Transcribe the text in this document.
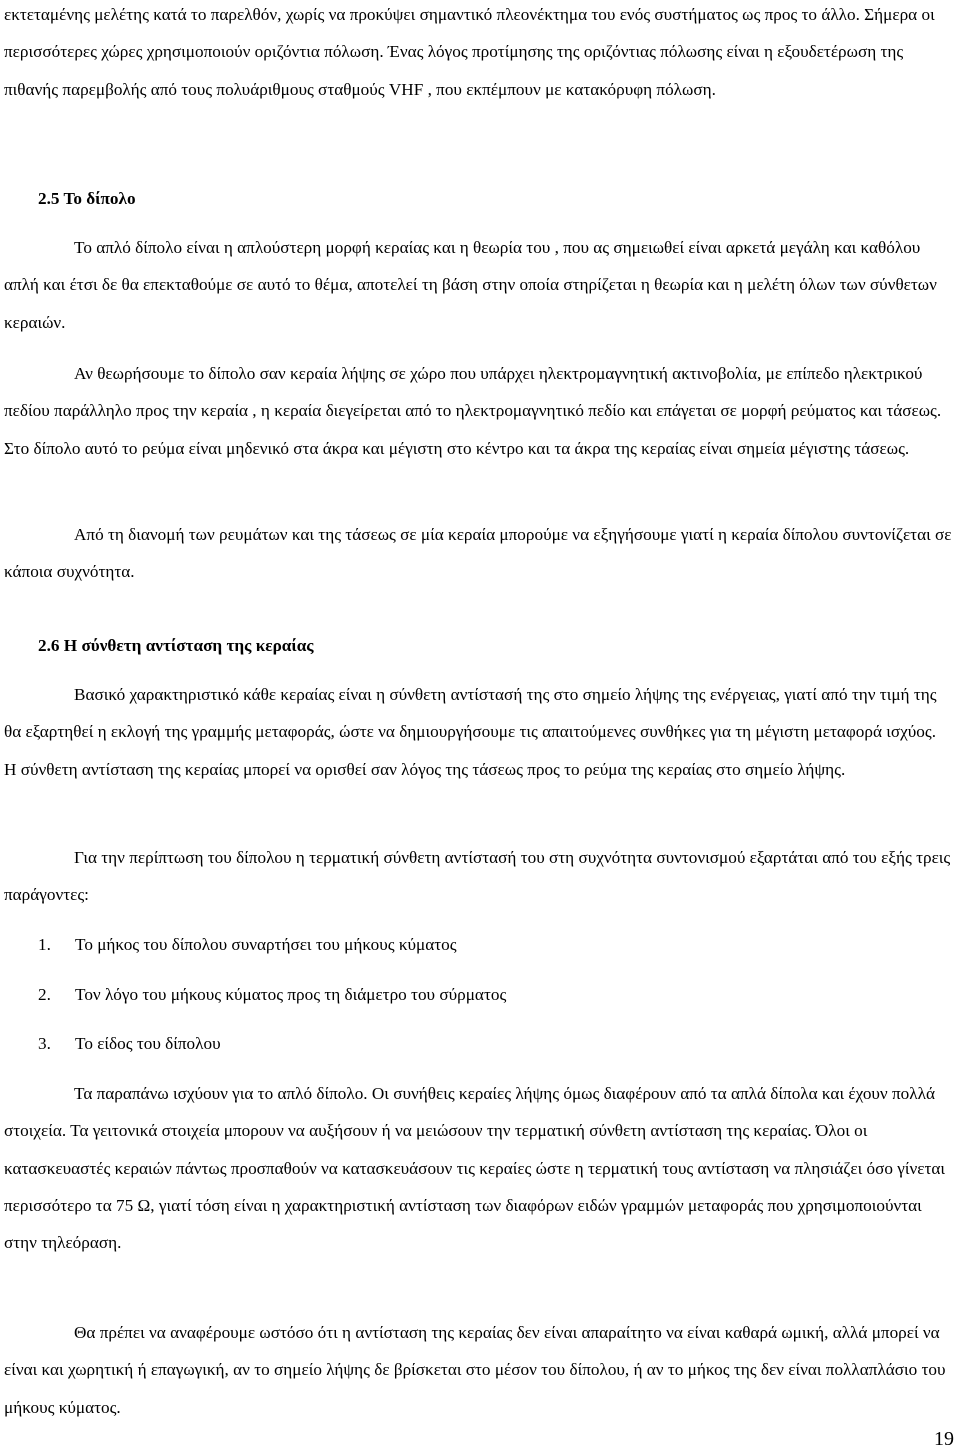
εκτεταμένης μελέτης κατά το παρελθόν, χωρίς να προκύψει σημαντικό πλεονέκτημα του ενός συστήματος ως προς το άλλο. Σήμερα οι περισσότερες χώρες χρησιμοποιούν οριζόντια πόλωση. Ένας λόγος προτίμησης της οριζόντιας πόλωσης είναι η εξουδετέρωση της πιθανής παρεμβολής από τους πολυάριθμους σταθμούς VHF , που εκπέμπουν με κατακόρυφη πόλωση.

2.5 Το δίπολο

Το απλό δίπολο είναι η απλούστερη μορφή κεραίας και η θεωρία του , που ας σημειωθεί είναι αρκετά μεγάλη και καθόλου απλή και έτσι δε θα επεκταθούμε σε αυτό το θέμα, αποτελεί τη βάση στην οποία στηρίζεται η θεωρία και η μελέτη όλων των σύνθετων κεραιών.

Αν θεωρήσουμε το δίπολο σαν κεραία λήψης σε χώρο που υπάρχει ηλεκτρομαγνητική ακτινοβολία, με επίπεδο ηλεκτρικού πεδίου παράλληλο προς την κεραία , η κεραία διεγείρεται από το ηλεκτρομαγνητικό πεδίο και επάγεται σε μορφή ρεύματος και τάσεως. Στο δίπολο αυτό το ρεύμα είναι μηδενικό στα άκρα και μέγιστη στο κέντρο και τα άκρα της κεραίας είναι σημεία μέγιστης τάσεως.

Από τη διανομή των ρευμάτων και της τάσεως σε μία κεραία μπορούμε να εξηγήσουμε γιατί η κεραία δίπολου συντονίζεται σε κάποια συχνότητα.

2.6 Η σύνθετη αντίσταση της κεραίας

Βασικό χαρακτηριστικό κάθε κεραίας είναι η σύνθετη αντίστασή της στο σημείο λήψης της ενέργειας, γιατί από την τιμή της θα εξαρτηθεί η εκλογή της γραμμής μεταφοράς, ώστε να δημιουργήσουμε τις απαιτούμενες συνθήκες για τη μέγιστη μεταφορά ισχύος. Η σύνθετη αντίσταση της κεραίας μπορεί να ορισθεί σαν λόγος της τάσεως προς το ρεύμα της κεραίας στο σημείο λήψης.

Για την περίπτωση του δίπολου η τερματική σύνθετη αντίστασή του στη συχνότητα συντονισμού εξαρτάται από του εξής τρεις παράγοντες:

1. Το μήκος του δίπολου συναρτήσει του μήκους κύματος
2. Τον λόγο του μήκους κύματος προς τη διάμετρο του σύρματος
3. Το είδος του δίπολου

Τα παραπάνω ισχύουν για το απλό δίπολο. Οι συνήθεις κεραίες λήψης όμως διαφέρουν από τα απλά δίπολα και έχουν πολλά στοιχεία. Τα γειτονικά στοιχεία μπορουν να αυξήσουν ή να μειώσουν την τερματική σύνθετη αντίσταση της κεραίας. Όλοι οι κατασκευαστές κεραιών πάντως προσπαθούν να κατασκευάσουν τις κεραίες ώστε η τερματική τους αντίσταση να πλησιάζει όσο γίνεται περισσότερο τα 75 Ω, γιατί τόση είναι η χαρακτηριστική αντίσταση των διαφόρων ειδών γραμμών μεταφοράς που χρησιμοποιούνται στην τηλεόραση.

Θα πρέπει να αναφέρουμε ωστόσο ότι η αντίσταση της κεραίας δεν είναι απαραίτητο να είναι καθαρά ωμική, αλλά μπορεί να είναι και χωρητική ή επαγωγική, αν το σημείο λήψης δε βρίσκεται στο μέσον του δίπολου, ή αν το μήκος της δεν είναι πολλαπλάσιο του μήκους κύματος.

19
